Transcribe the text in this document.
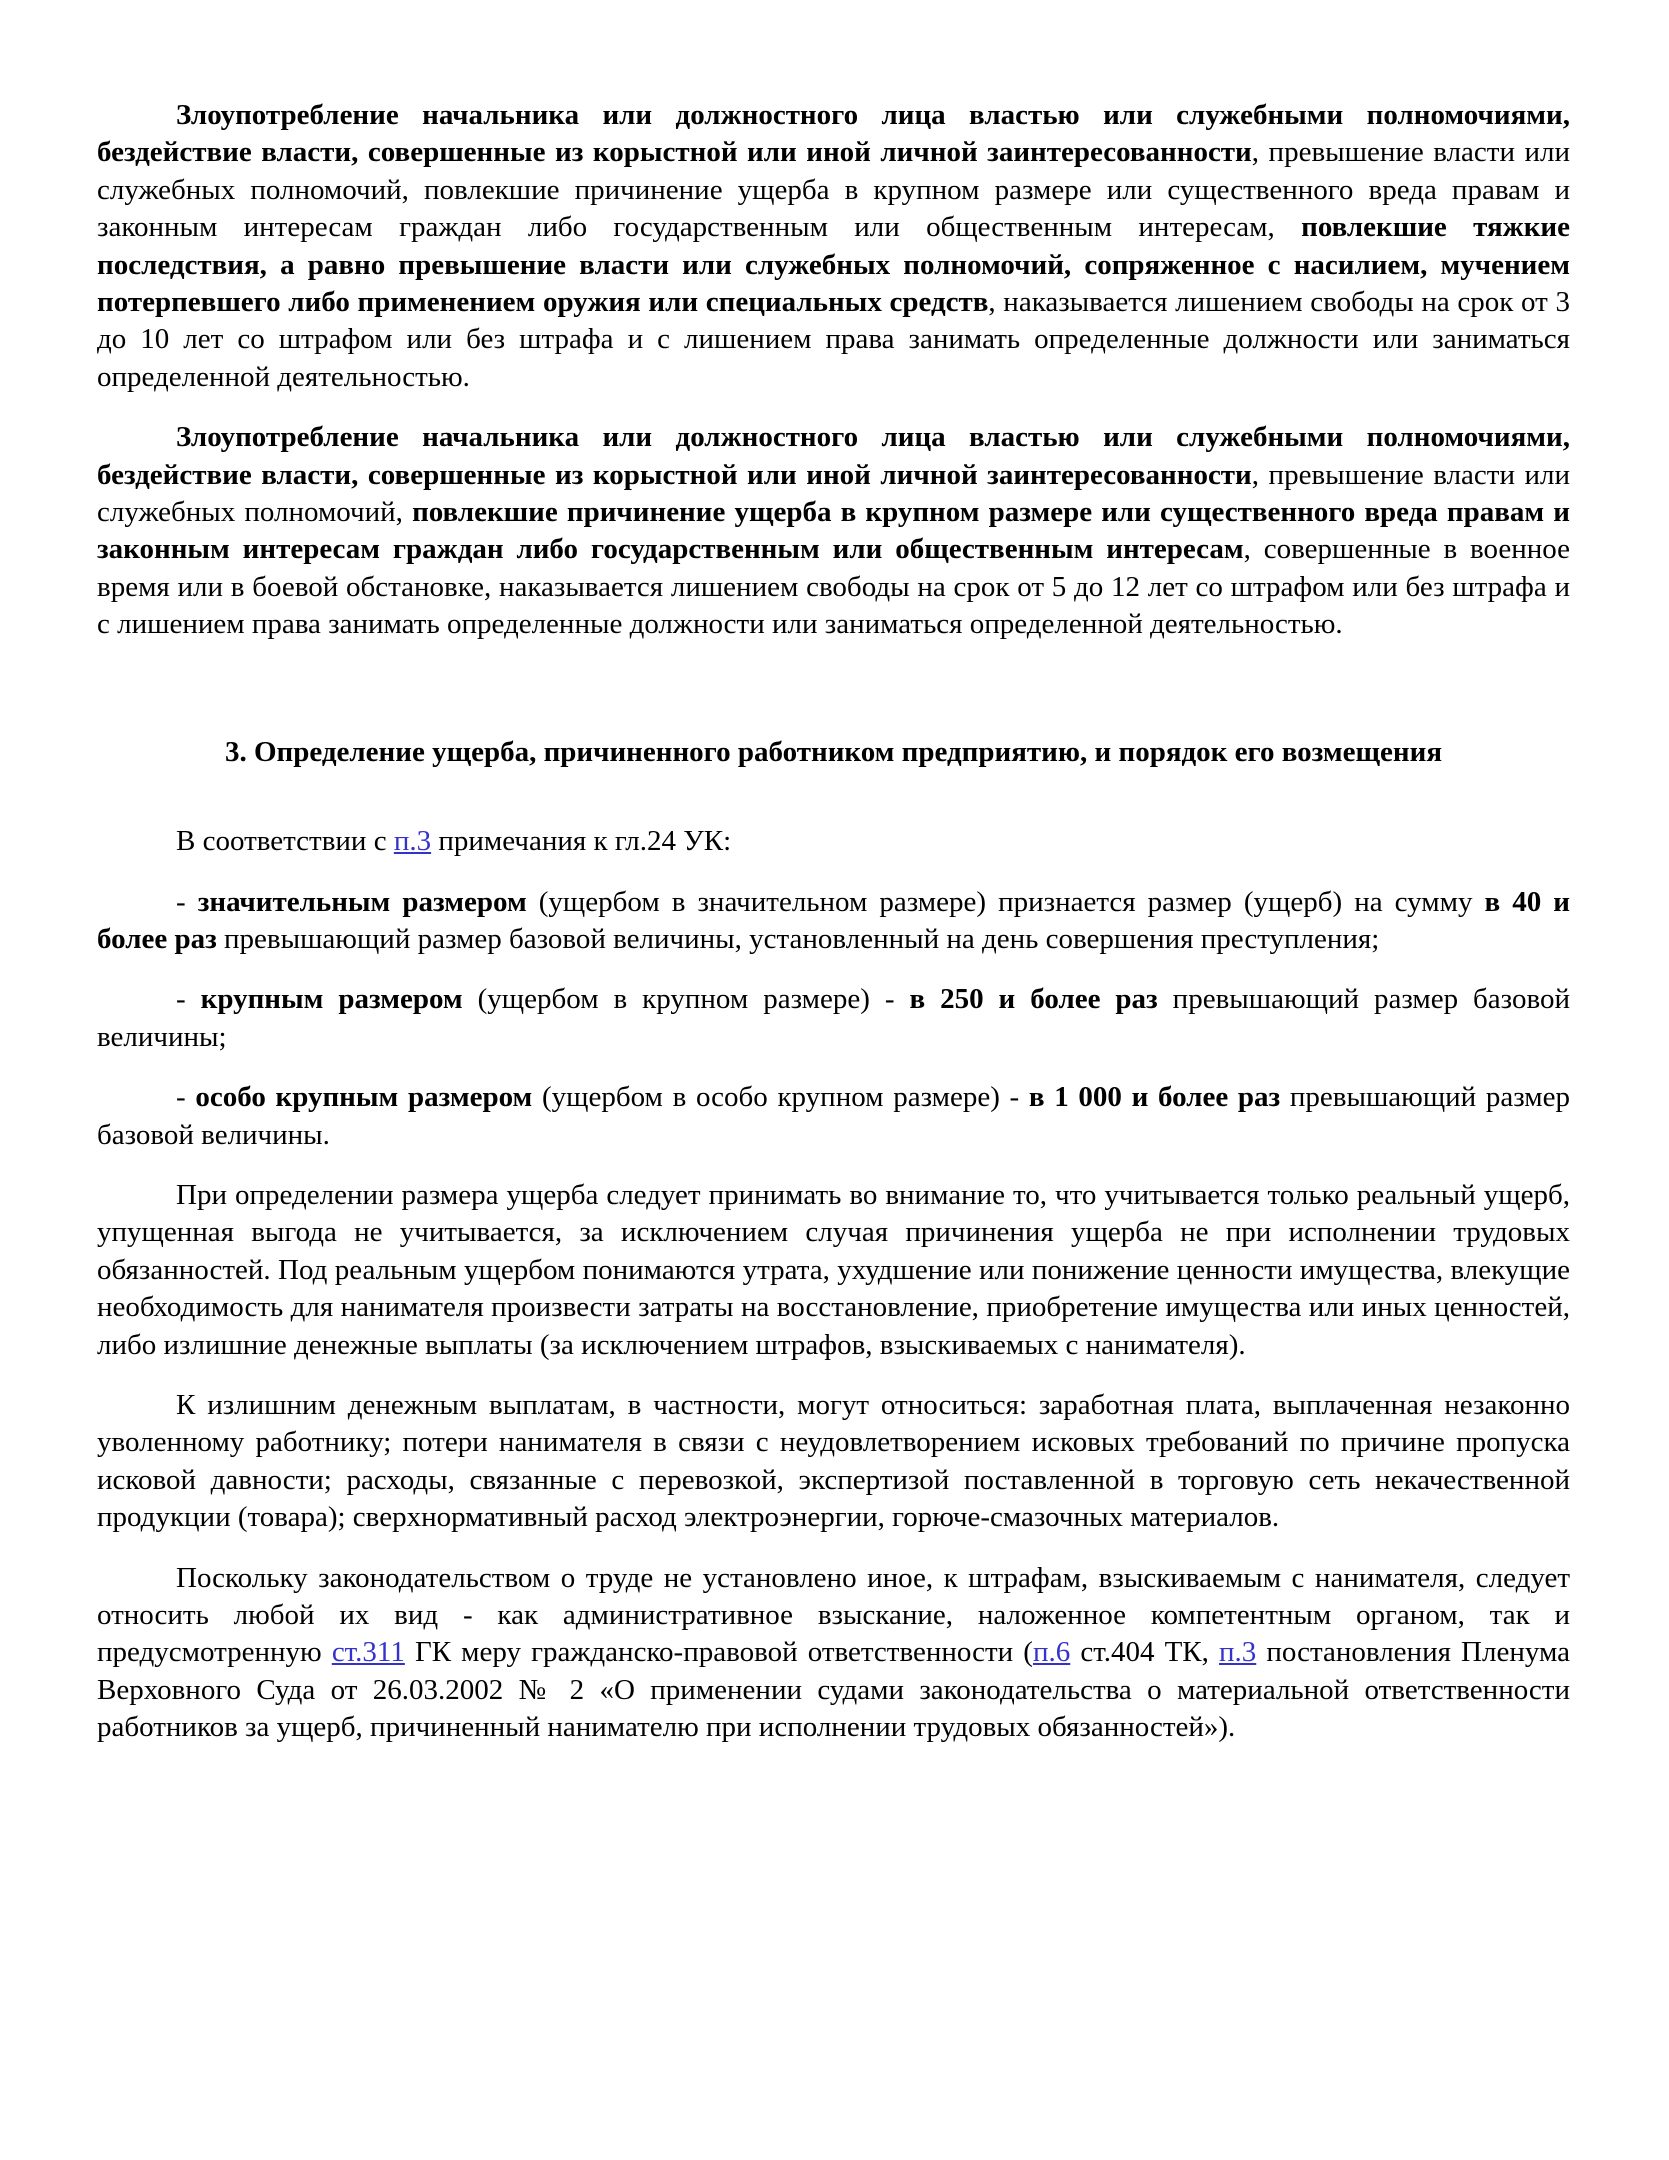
Злоупотребление начальника или должностного лица властью или служебными полномочиями, бездействие власти, совершенные из корыстной или иной личной заинтересованности, превышение власти или служебных полномочий, повлекшие причинение ущерба в крупном размере или существенного вреда правам и законным интересам граждан либо государственным или общественным интересам, повлекшие тяжкие последствия, а равно превышение власти или служебных полномочий, сопряженное с насилием, мучением потерпевшего либо применением оружия или специальных средств, наказывается лишением свободы на срок от 3 до 10 лет со штрафом или без штрафа и с лишением права занимать определенные должности или заниматься определенной деятельностью.

Злоупотребление начальника или должностного лица властью или служебными полномочиями, бездействие власти, совершенные из корыстной или иной личной заинтересованности, превышение власти или служебных полномочий, повлекшие причинение ущерба в крупном размере или существенного вреда правам и законным интересам граждан либо государственным или общественным интересам, совершенные в военное время или в боевой обстановке, наказывается лишением свободы на срок от 5 до 12 лет со штрафом или без штрафа и с лишением права занимать определенные должности или заниматься определенной деятельностью.

3. Определение ущерба, причиненного работником предприятию, и порядок его возмещения

В соответствии с п.3 примечания к гл.24 УК:

- значительным размером (ущербом в значительном размере) признается размер (ущерб) на сумму в 40 и более раз превышающий размер базовой величины, установленный на день совершения преступления;

- крупным размером (ущербом в крупном размере) - в 250 и более раз превышающий размер базовой величины;

- особо крупным размером (ущербом в особо крупном размере) - в 1 000 и более раз превышающий размер базовой величины.

При определении размера ущерба следует принимать во внимание то, что учитывается только реальный ущерб, упущенная выгода не учитывается, за исключением случая причинения ущерба не при исполнении трудовых обязанностей. Под реальным ущербом понимаются утрата, ухудшение или понижение ценности имущества, влекущие необходимость для нанимателя произвести затраты на восстановление, приобретение имущества или иных ценностей, либо излишние денежные выплаты (за исключением штрафов, взыскиваемых с нанимателя).

К излишним денежным выплатам, в частности, могут относиться: заработная плата, выплаченная незаконно уволенному работнику; потери нанимателя в связи с неудовлетворением исковых требований по причине пропуска исковой давности; расходы, связанные с перевозкой, экспертизой поставленной в торговую сеть некачественной продукции (товара); сверхнормативный расход электроэнергии, горюче-смазочных материалов.

Поскольку законодательством о труде не установлено иное, к штрафам, взыскиваемым с нанимателя, следует относить любой их вид - как административное взыскание, наложенное компетентным органом, так и предусмотренную ст.311 ГК меру гражданско-правовой ответственности (п.6 ст.404 ТК, п.3 постановления Пленума Верховного Суда от 26.03.2002 № 2 «О применении судами законодательства о материальной ответственности работников за ущерб, причиненный нанимателю при исполнении трудовых обязанностей»).
